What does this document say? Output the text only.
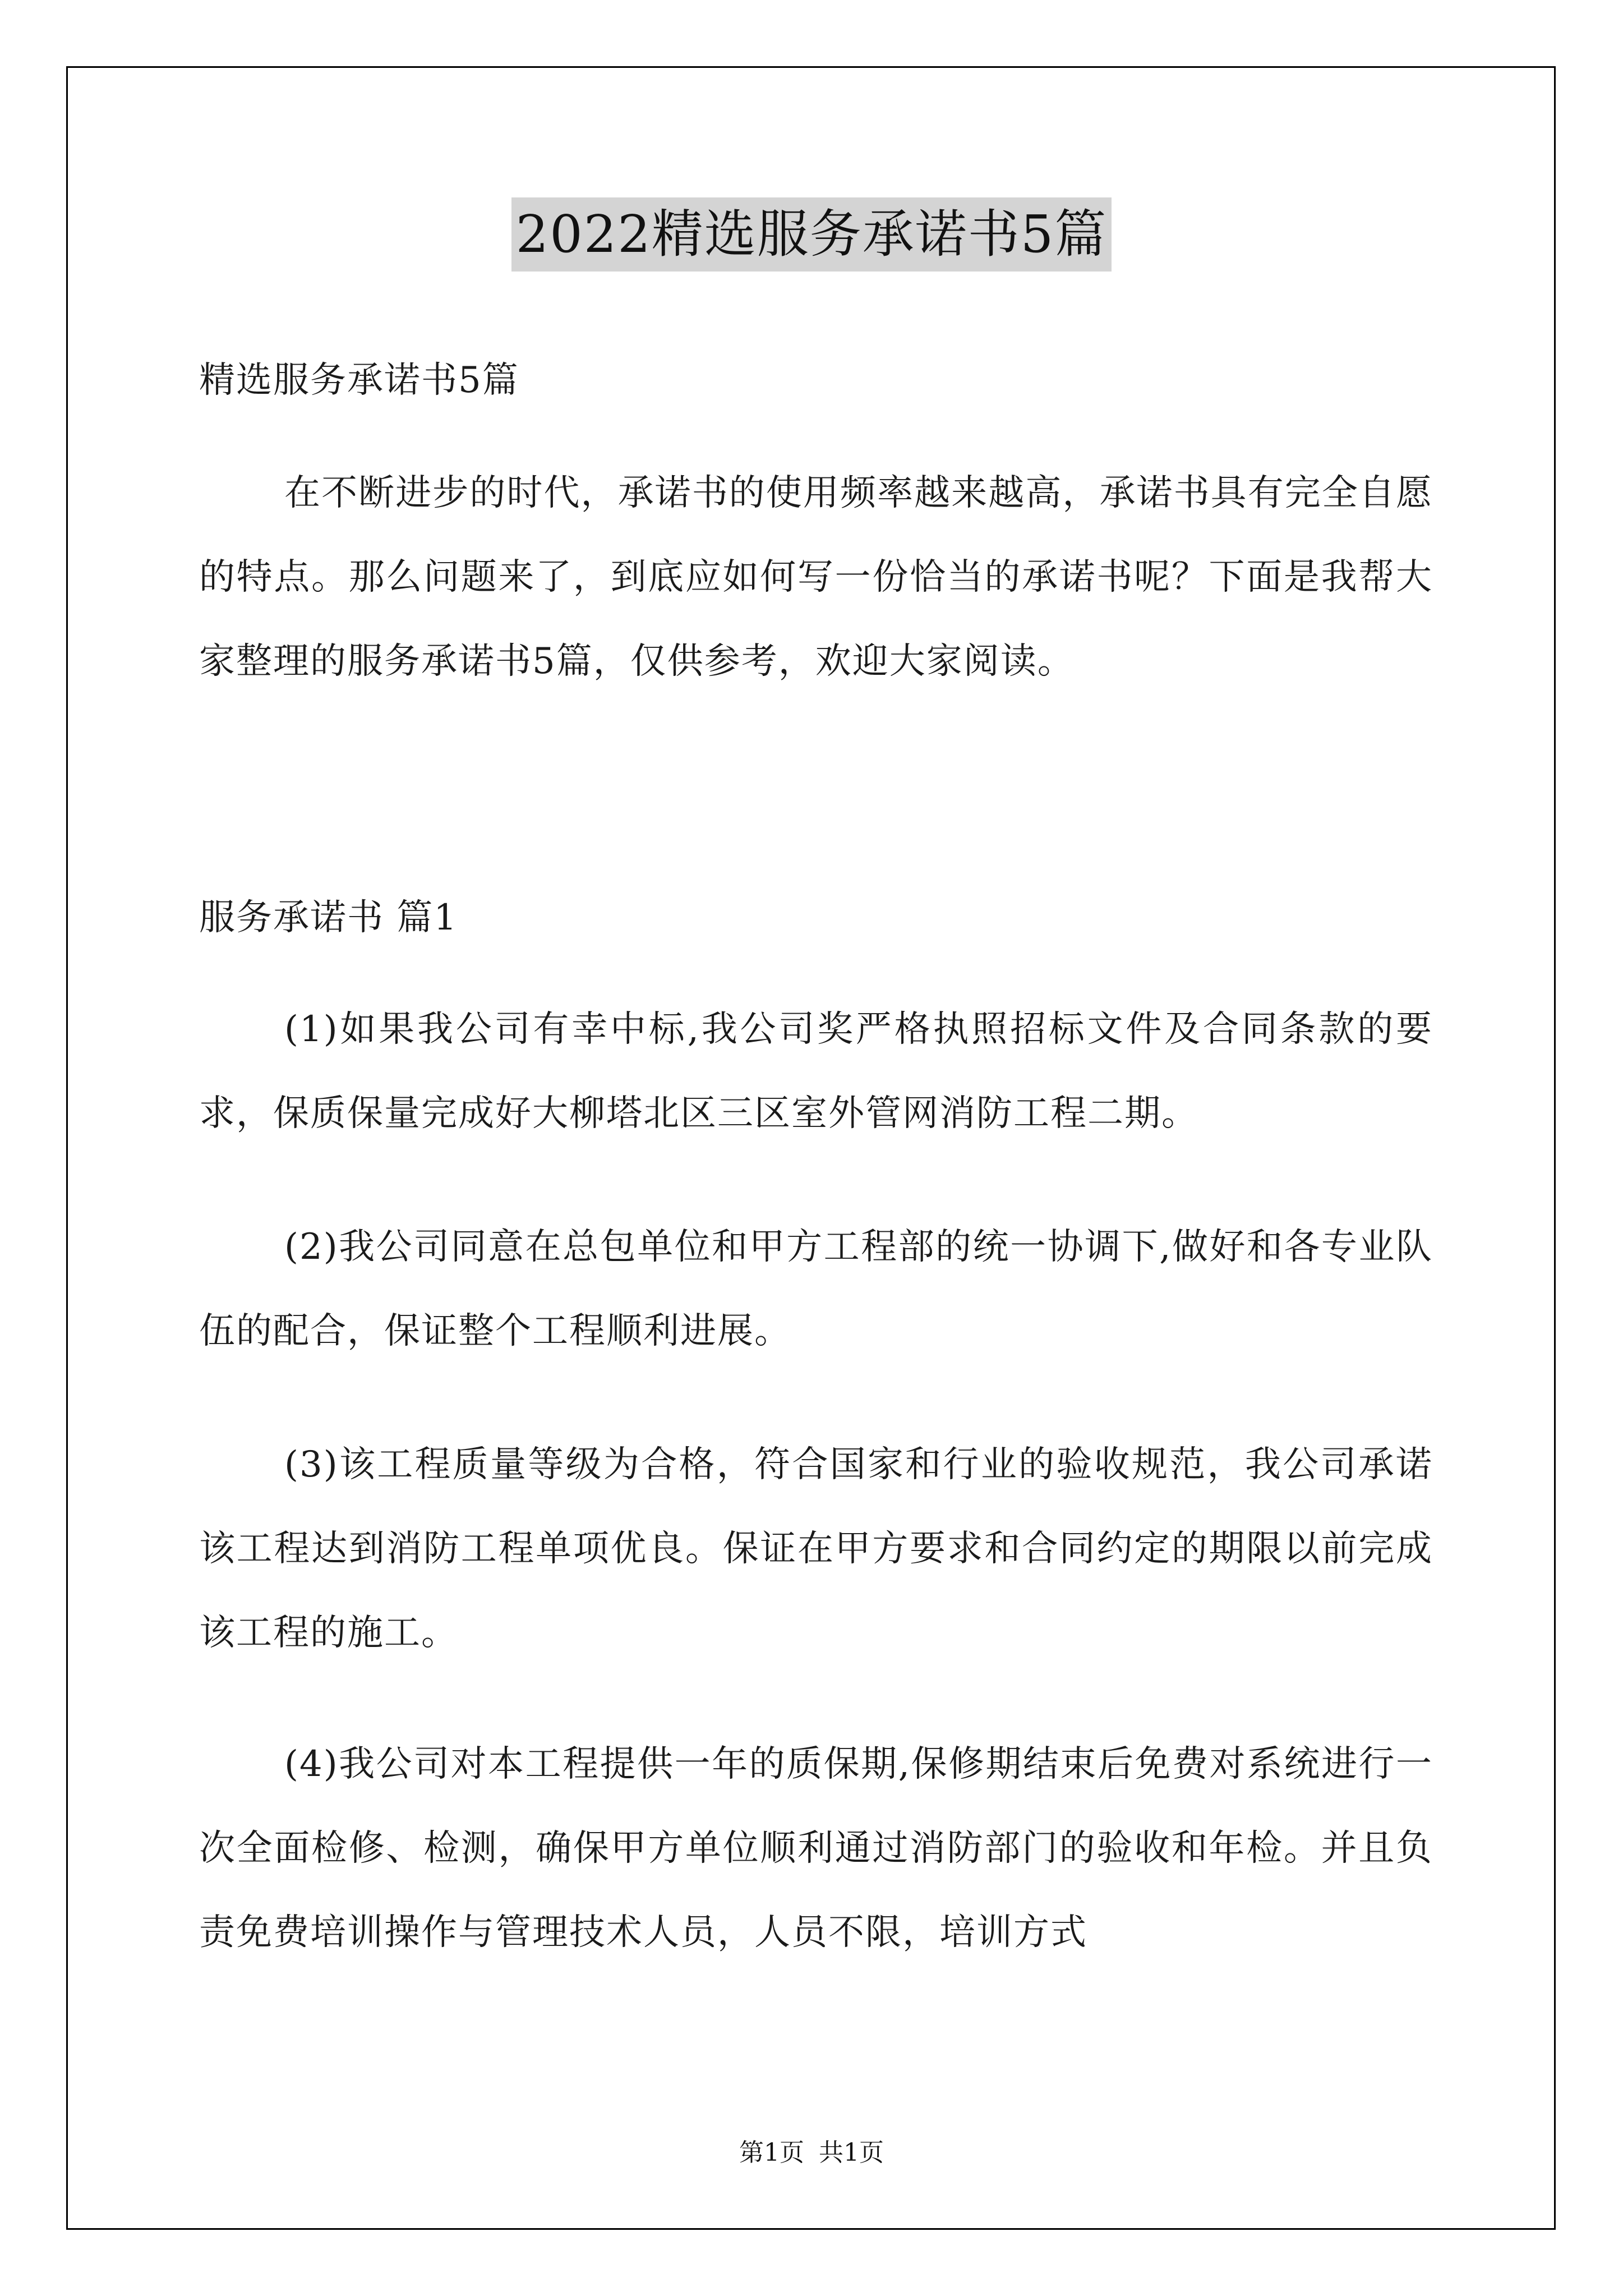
2022精选服务承诺书5篇

精选服务承诺书5篇

在不断进步的时代，承诺书的使用频率越来越高，承诺书具有完全自愿的特点。那么问题来了，到底应如何写一份恰当的承诺书呢？下面是我帮大家整理的服务承诺书5篇，仅供参考，欢迎大家阅读。

服务承诺书 篇1

(1)如果我公司有幸中标,我公司奖严格执照招标文件及合同条款的要求，保质保量完成好大柳塔北区三区室外管网消防工程二期。

(2)我公司同意在总包单位和甲方工程部的统一协调下,做好和各专业队伍的配合，保证整个工程顺利进展。

(3)该工程质量等级为合格，符合国家和行业的验收规范，我公司承诺该工程达到消防工程单项优良。保证在甲方要求和合同约定的期限以前完成该工程的施工。

(4)我公司对本工程提供一年的质保期,保修期结束后免费对系统进行一次全面检修、检测，确保甲方单位顺利通过消防部门的验收和年检。并且负责免费培训操作与管理技术人员，人员不限，培训方式

第1页 共1页
